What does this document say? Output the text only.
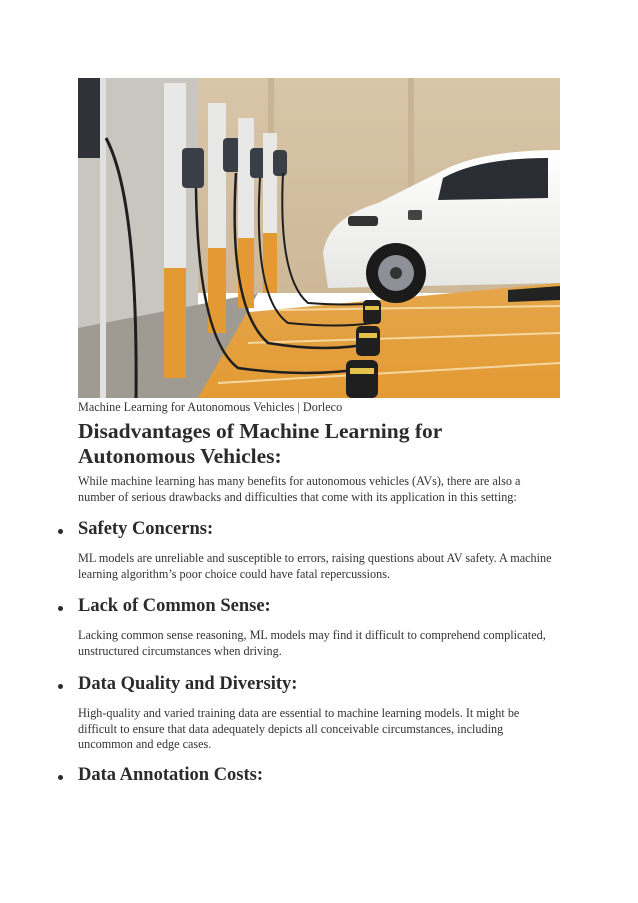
Machine Learning for Autonomous Vehicles | Dorleco
Disadvantages of Machine Learning for
Autonomous Vehicles:

While machine learning has many benefits for autonomous vehicles (AVs), there are also a number of serious drawbacks and difficulties that come with its application in this setting:

Safety Concerns:

ML models are unreliable and susceptible to errors, raising questions about AV safety. A machine learning algorithm’s poor choice could have fatal repercussions.

Lack of Common Sense:

Lacking common sense reasoning, ML models may find it difficult to comprehend complicated, unstructured circumstances when driving.

Data Quality and Diversity:

High-quality and varied training data are essential to machine learning models. It might be difficult to ensure that data adequately depicts all conceivable circumstances, including uncommon and edge cases.

Data Annotation Costs:
